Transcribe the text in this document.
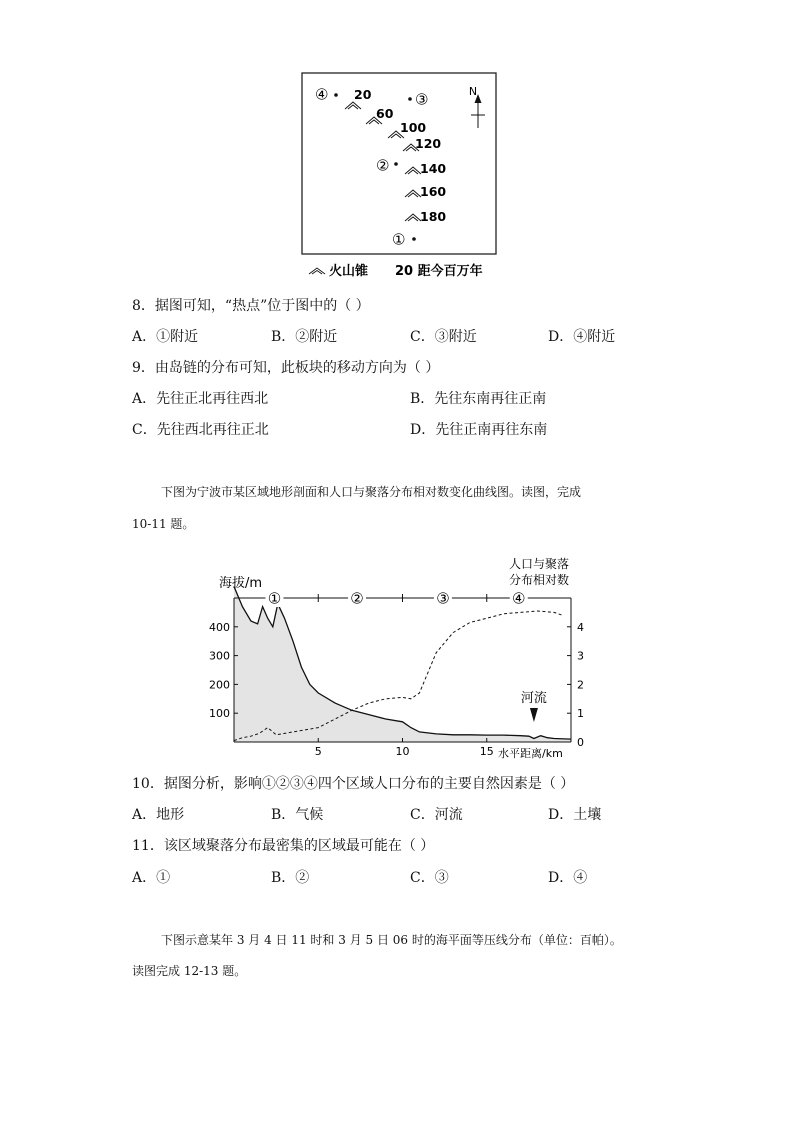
20
60
100
120
140
160
180
④	③
②
①
N
火山锥 20 距今百万年
8．据图可知，“热点”位于图中的（ ）
A．①附近	B．②附近	C．③附近	D．④附近
9．由岛链的分布可知，此板块的移动方向为（ ）
A．先往正北再往西北	B．先往东南再往正南
C．先往西北再往正北	D．先往正南再往东南
下图为宁波市某区域地形剖面和人口与聚落分布相对数变化曲线图。读图，完成
10-11 题。
海拔/m
人口与聚落
分布相对数
①	②	③	④
100
200
300
400
0
1
2
3
4
5	10	15
河流
水平距离/km
10．据图分析，影响①②③④四个区域人口分布的主要自然因素是（ ）
A．地形	B．气候	C．河流	D．土壤
11．该区域聚落分布最密集的区域最可能在（ ）
A．①	B．②	C．③	D．④
下图示意某年 3 月 4 日 11 时和 3 月 5 日 06 时的海平面等压线分布（单位：百帕）。
读图完成 12-13 题。
